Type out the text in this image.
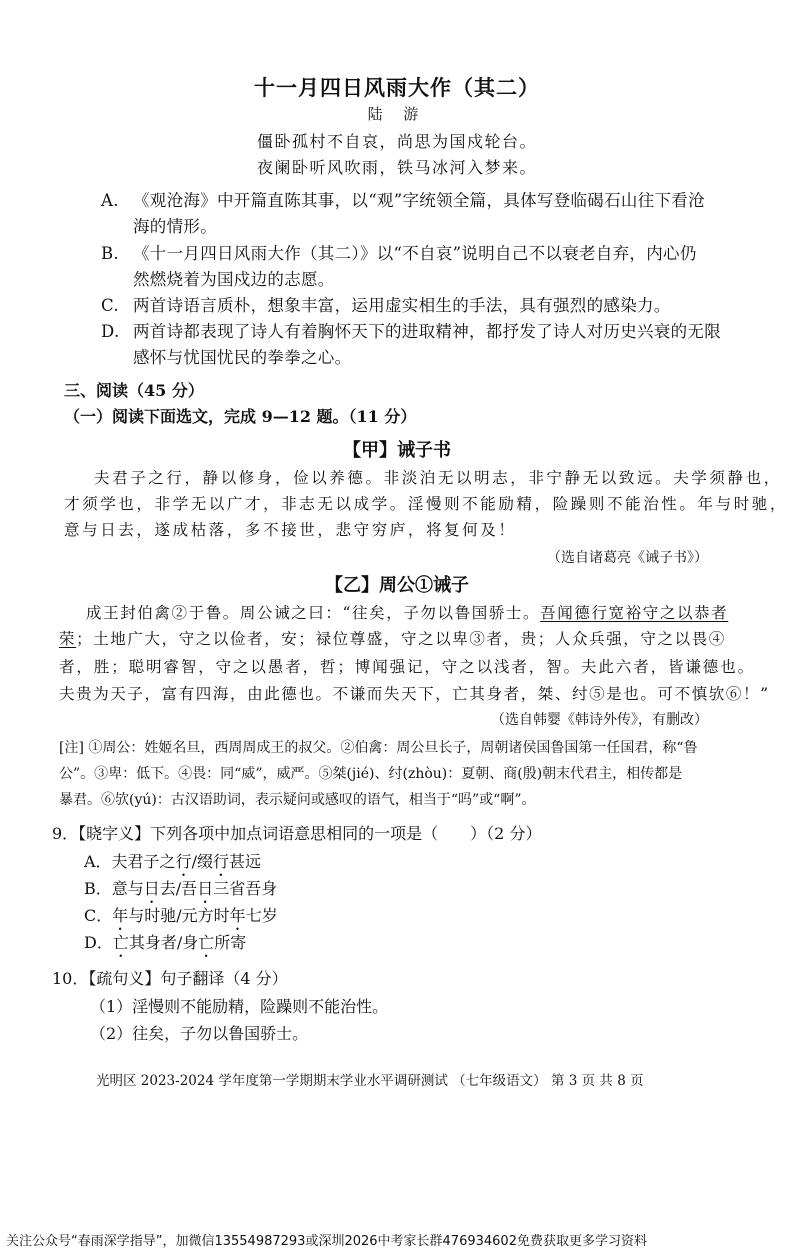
十一月四日风雨大作（其二）
陆 游
僵卧孤村不自哀，尚思为国戍轮台。
夜阑卧听风吹雨，铁马冰河入梦来。
A. 《观沧海》中开篇直陈其事，以“观”字统领全篇，具体写登临碣石山往下看沧
海的情形。
B. 《十一月四日风雨大作（其二）》以“不自哀”说明自己不以衰老自弃，内心仍
然燃烧着为国戍边的志愿。
C. 两首诗语言质朴，想象丰富，运用虚实相生的手法，具有强烈的感染力。
D. 两首诗都表现了诗人有着胸怀天下的进取精神，都抒发了诗人对历史兴衰的无限
感怀与忧国忧民的拳拳之心。
三、阅读（45 分）
（一）阅读下面选文，完成 9—12 题。（11 分）
【甲】诫子书
夫君子之行，静以修身，俭以养德。非淡泊无以明志，非宁静无以致远。夫学须静也，
才须学也，非学无以广才，非志无以成学。淫慢则不能励精，险躁则不能治性。年与时驰，
意与日去，遂成枯落，多不接世，悲守穷庐，将复何及！
（选自诸葛亮《诫子书》）
【乙】周公①诫子
成王封伯禽②于鲁。周公诫之曰：“往矣，子勿以鲁国骄士。吾闻德行宽裕守之以恭者
荣；土地广大，守之以俭者，安；禄位尊盛，守之以卑③者，贵；人众兵强，守之以畏④
者，胜；聪明睿智，守之以愚者，哲；博闻强记，守之以浅者，智。夫此六者，皆谦德也。
夫贵为天子，富有四海，由此德也。不谦而失天下，亡其身者，桀、纣⑤是也。可不慎欤⑥！”
（选自韩婴《韩诗外传》，有删改）
[注] ①周公：姓姬名旦，西周周成王的叔父。②伯禽：周公旦长子，周朝诸侯国鲁国第一任国君，称“鲁
公”。③卑：低下。④畏：同“威”，威严。⑤桀(jié)、纣(zhòu)：夏朝、商(殷)朝末代君主，相传都是
暴君。⑥欤(yú)：古汉语助词，表示疑问或感叹的语气，相当于“吗”或“啊”。
9．【晓字义】下列各项中加点词语意思相同的一项是（　　）（2 分）
A．夫君子之行/缀行甚远
B．意与日去/吾日三省吾身
C．年与时驰/元方时年七岁
D．亡其身者/身亡所寄
10．【疏句义】句子翻译（4 分）
（1）淫慢则不能励精，险躁则不能治性。
（2）往矣，子勿以鲁国骄士。
光明区 2023-2024 学年度第一学期期末学业水平调研测试 （七年级语文） 第 3 页 共 8 页
关注公众号“春雨深学指导”，加微信13554987293或深圳2026中考家长群476934602免费获取更多学习资料
